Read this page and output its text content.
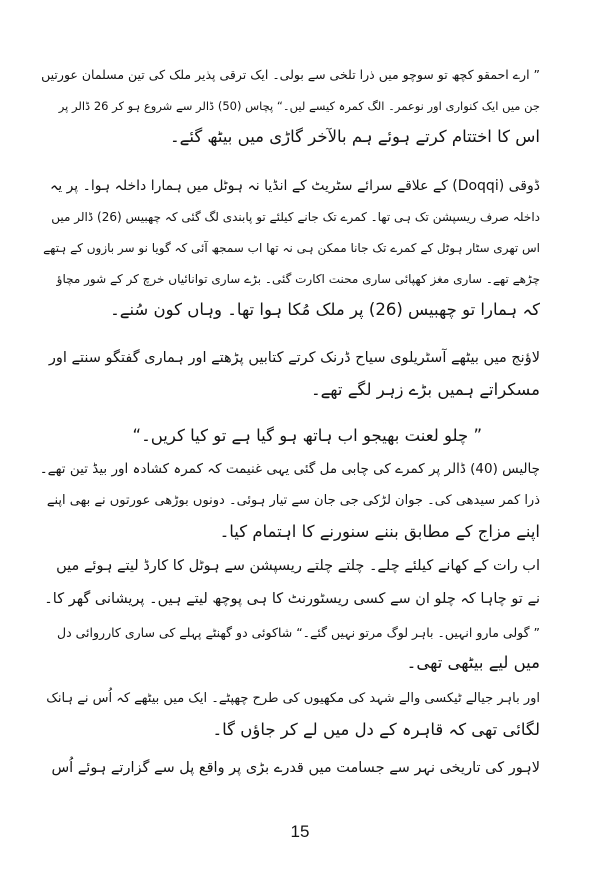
” ارے احمقو کچھ تو سوچو میں ذرا تلخی سے بولی۔ ایک ترقی پذیر ملک کی تین مسلمان عورتیں
جن میں ایک کنواری اور نوعمر۔ الگ کمرہ کیسے لیں۔“ پچاس (50) ڈالر سے شروع ہو کر 26 ڈالر پر
اس کا اختتام کرتے ہوئے ہم بالآخر گاڑی میں بیٹھ گئے۔
ڈوقی (Doqqi) کے علاقے سرائے سٹریٹ کے انڈیا نہ ہوٹل میں ہمارا داخلہ ہوا۔ پر یہ
داخلہ صرف ریسپشن تک ہی تھا۔ کمرے تک جانے کیلئے تو پابندی لگ گئی کہ چھبیس (26) ڈالر میں
اس تھری سٹار ہوٹل کے کمرے تک جانا ممکن ہی نہ تھا اب سمجھ آئی کہ گویا نو سر بازوں کے ہتھے
چڑھے تھے۔ ساری مغز کھپائی ساری محنت اکارت گئی۔ بڑے ساری توانائیاں خرچ کر کے شور مچاؤ
کہ ہمارا تو چھبیس (26) پر ملک مُکا ہوا تھا۔ وہاں کون سُنے۔
لاؤنج میں بیٹھے آسٹریلوی سیاح ڈرنک کرتے کتابیں پڑھتے اور ہماری گفتگو سنتے اور
مسکراتے ہمیں بڑے زہر لگے تھے۔
” چلو لعنت بھیجو اب ہاتھ ہو گیا ہے تو کیا کریں۔“
چالیس (40) ڈالر پر کمرے کی چابی مل گئی یہی غنیمت کہ کمرہ کشادہ اور بیڈ تین تھے۔
ذرا کمر سیدھی کی۔ جوان لڑکی جی جان سے تیار ہوئی۔ دونوں بوڑھی عورتوں نے بھی اپنے
اپنے مزاج کے مطابق بننے سنورنے کا اہتمام کیا۔
اب رات کے کھانے کیلئے چلے۔ چلتے چلتے ریسپشن سے ہوٹل کا کارڈ لیتے ہوئے میں
نے تو چاہا کہ چلو ان سے کسی ریسٹورنٹ کا ہی پوچھ لیتے ہیں۔ پریشانی گھر کا۔
” گولی مارو انہیں۔ باہر لوگ مرتو نہیں گئے۔“ شاکوئی دو گھنٹے پہلے کی ساری کارروائی دل
میں لیے بیٹھی تھی۔
اور باہر جیالے ٹیکسی والے شہد کی مکھیوں کی طرح چھپٹے۔ ایک میں بیٹھے کہ اُس نے ہانک
لگائی تھی کہ قاہرہ کے دل میں لے کر جاؤں گا۔
لاہور کی تاریخی نہر سے جسامت میں قدرے بڑی پر واقع پل سے گزارتے ہوئے اُس
15
